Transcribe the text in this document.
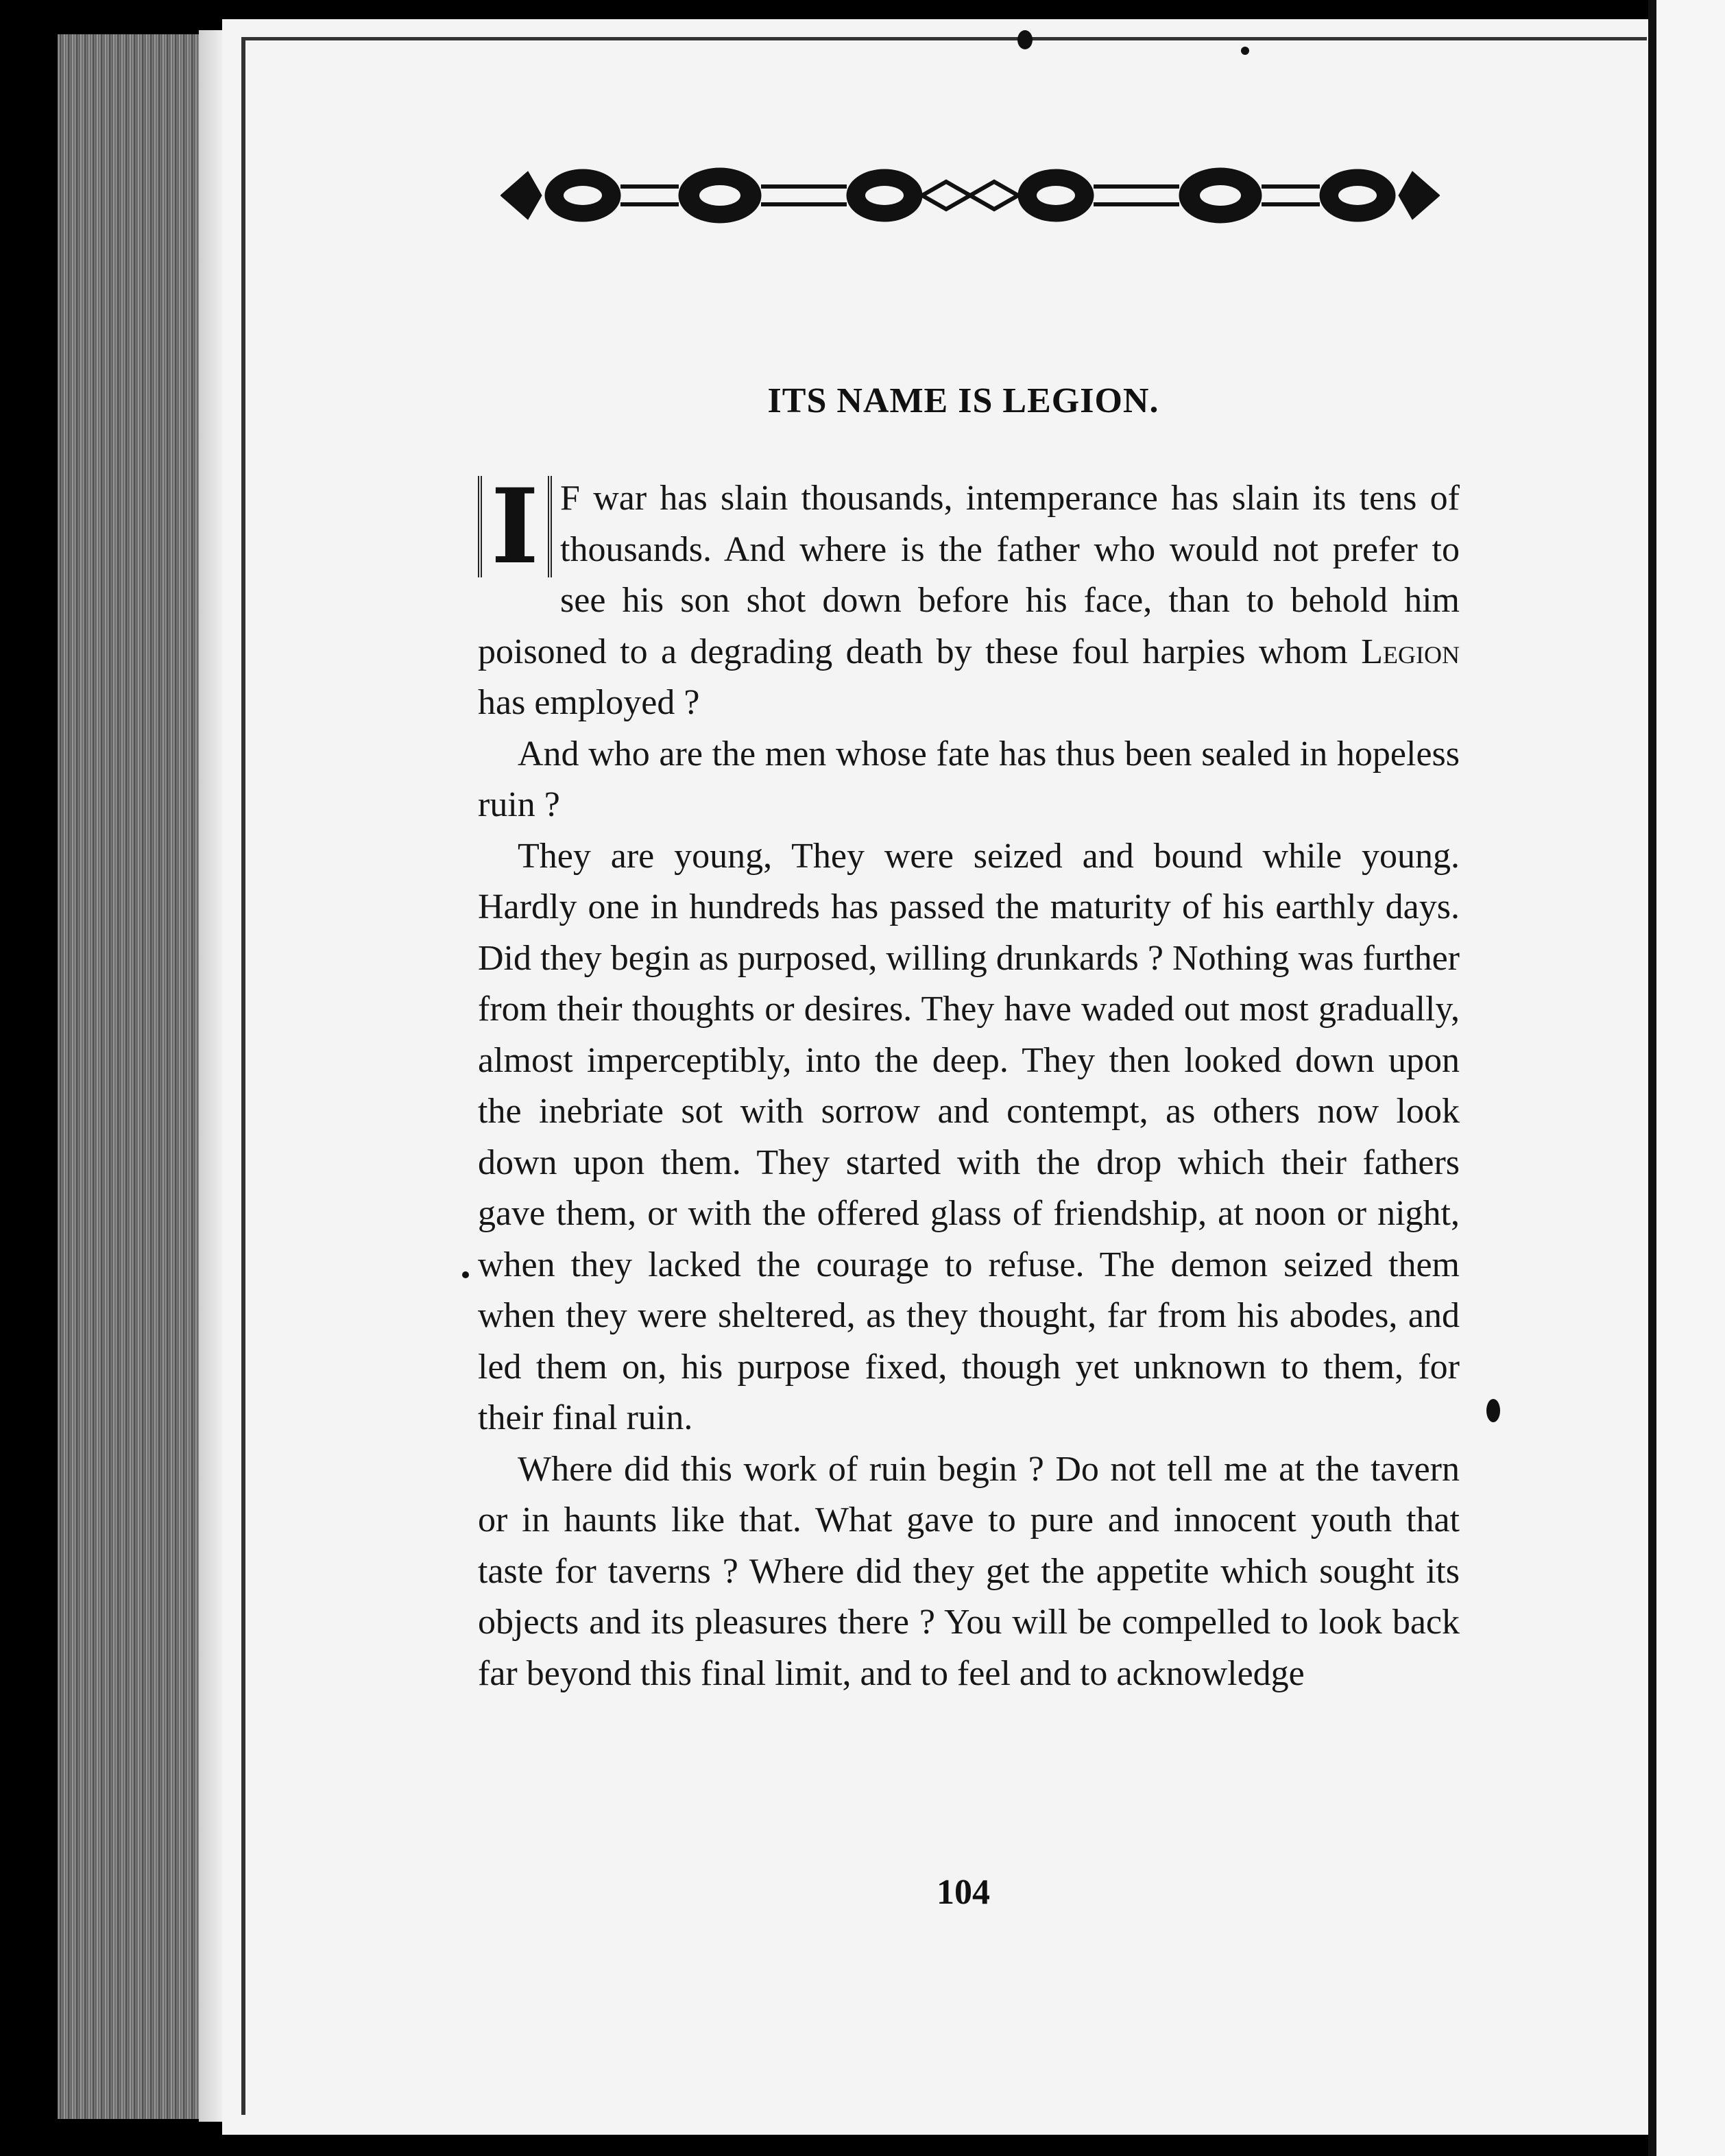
ITS NAME IS LEGION.

I F war has slain thousands, intemperance has slain its tens of thousands. And where is the father who would not prefer to see his son shot down before his face, than to behold him poisoned to a degrading death by these foul harpies whom Legion has employed ?

And who are the men whose fate has thus been sealed in hopeless ruin ?

They are young, They were seized and bound while young. Hardly one in hundreds has passed the maturity of his earthly days. Did they begin as purposed, willing drunkards ? Nothing was further from their thoughts or desires. They have waded out most gradually, almost imperceptibly, into the deep. They then looked down upon the inebriate sot with sorrow and contempt, as others now look down upon them. They started with the drop which their fathers gave them, or with the offered glass of friendship, at noon or night, when they lacked the courage to refuse. The demon seized them when they were sheltered, as they thought, far from his abodes, and led them on, his purpose fixed, though yet unknown to them, for their final ruin.

Where did this work of ruin begin ? Do not tell me at the tavern or in haunts like that. What gave to pure and innocent youth that taste for taverns ? Where did they get the appetite which sought its objects and its pleasures there ? You will be compelled to look back far beyond this final limit, and to feel and to acknowledge

104
